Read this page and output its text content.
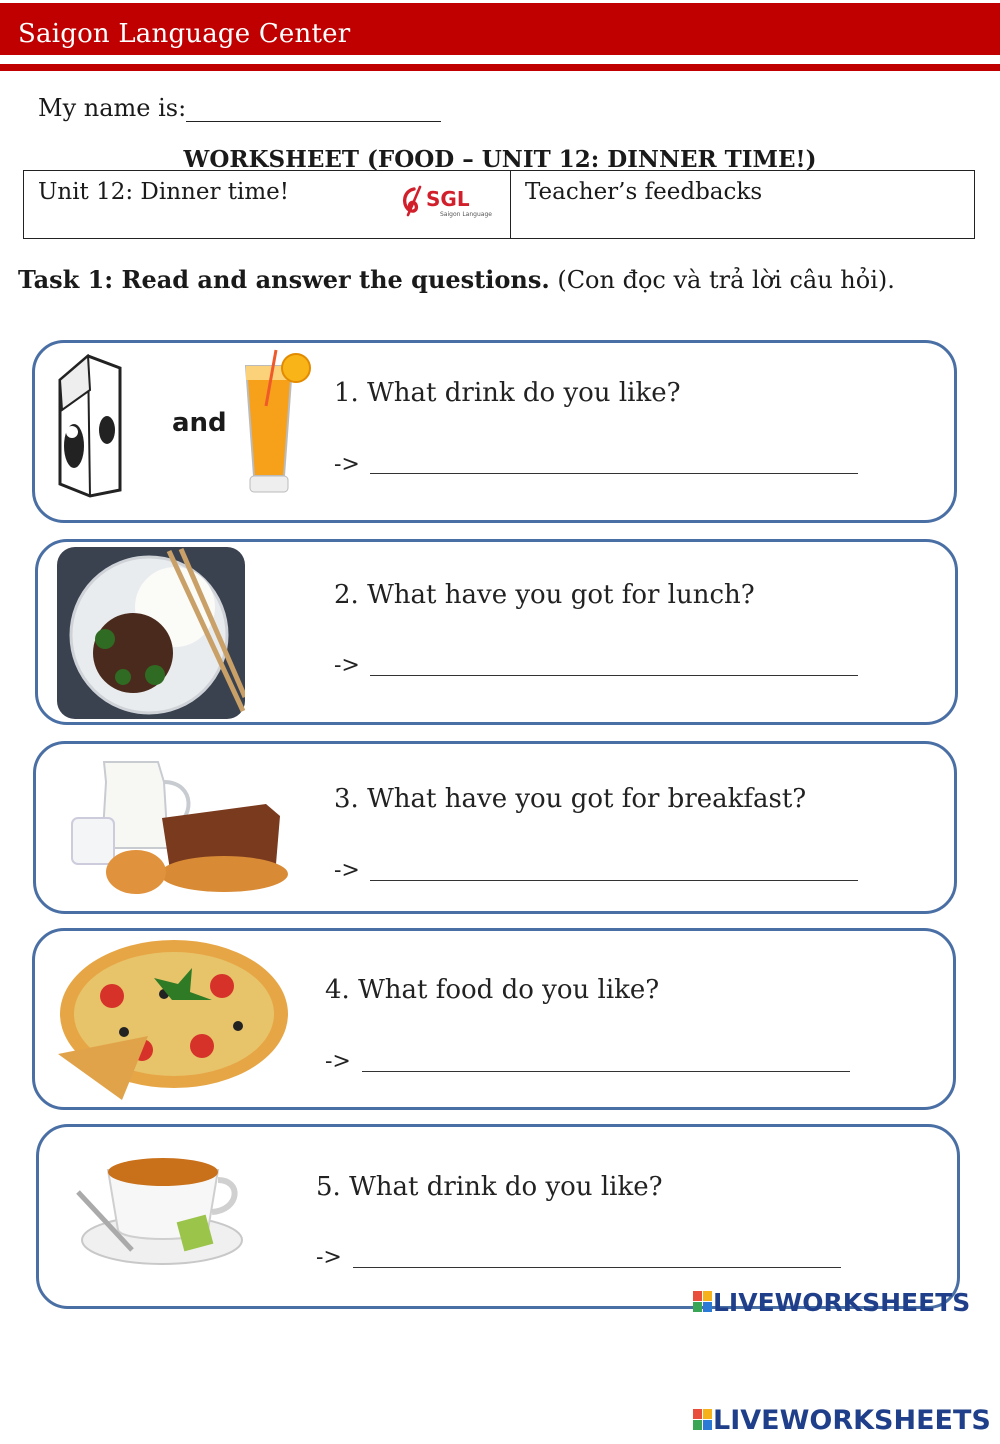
Saigon Language Center
My name is:
WORKSHEET (FOOD – UNIT 12: DINNER TIME!)
Unit 12: Dinner time!	SGL
Saigon Language
Teacher’s feedbacks
Task 1: Read and answer the questions. (Con đọc và trả lời câu hỏi).
and
1. What drink do you like?
->
2. What have you got for lunch?
->
3. What have you got for breakfast?
->
4. What food do you like?
->
5. What drink do you like?
->
LIVEWORKSHEETS
LIVEWORKSHEETS
